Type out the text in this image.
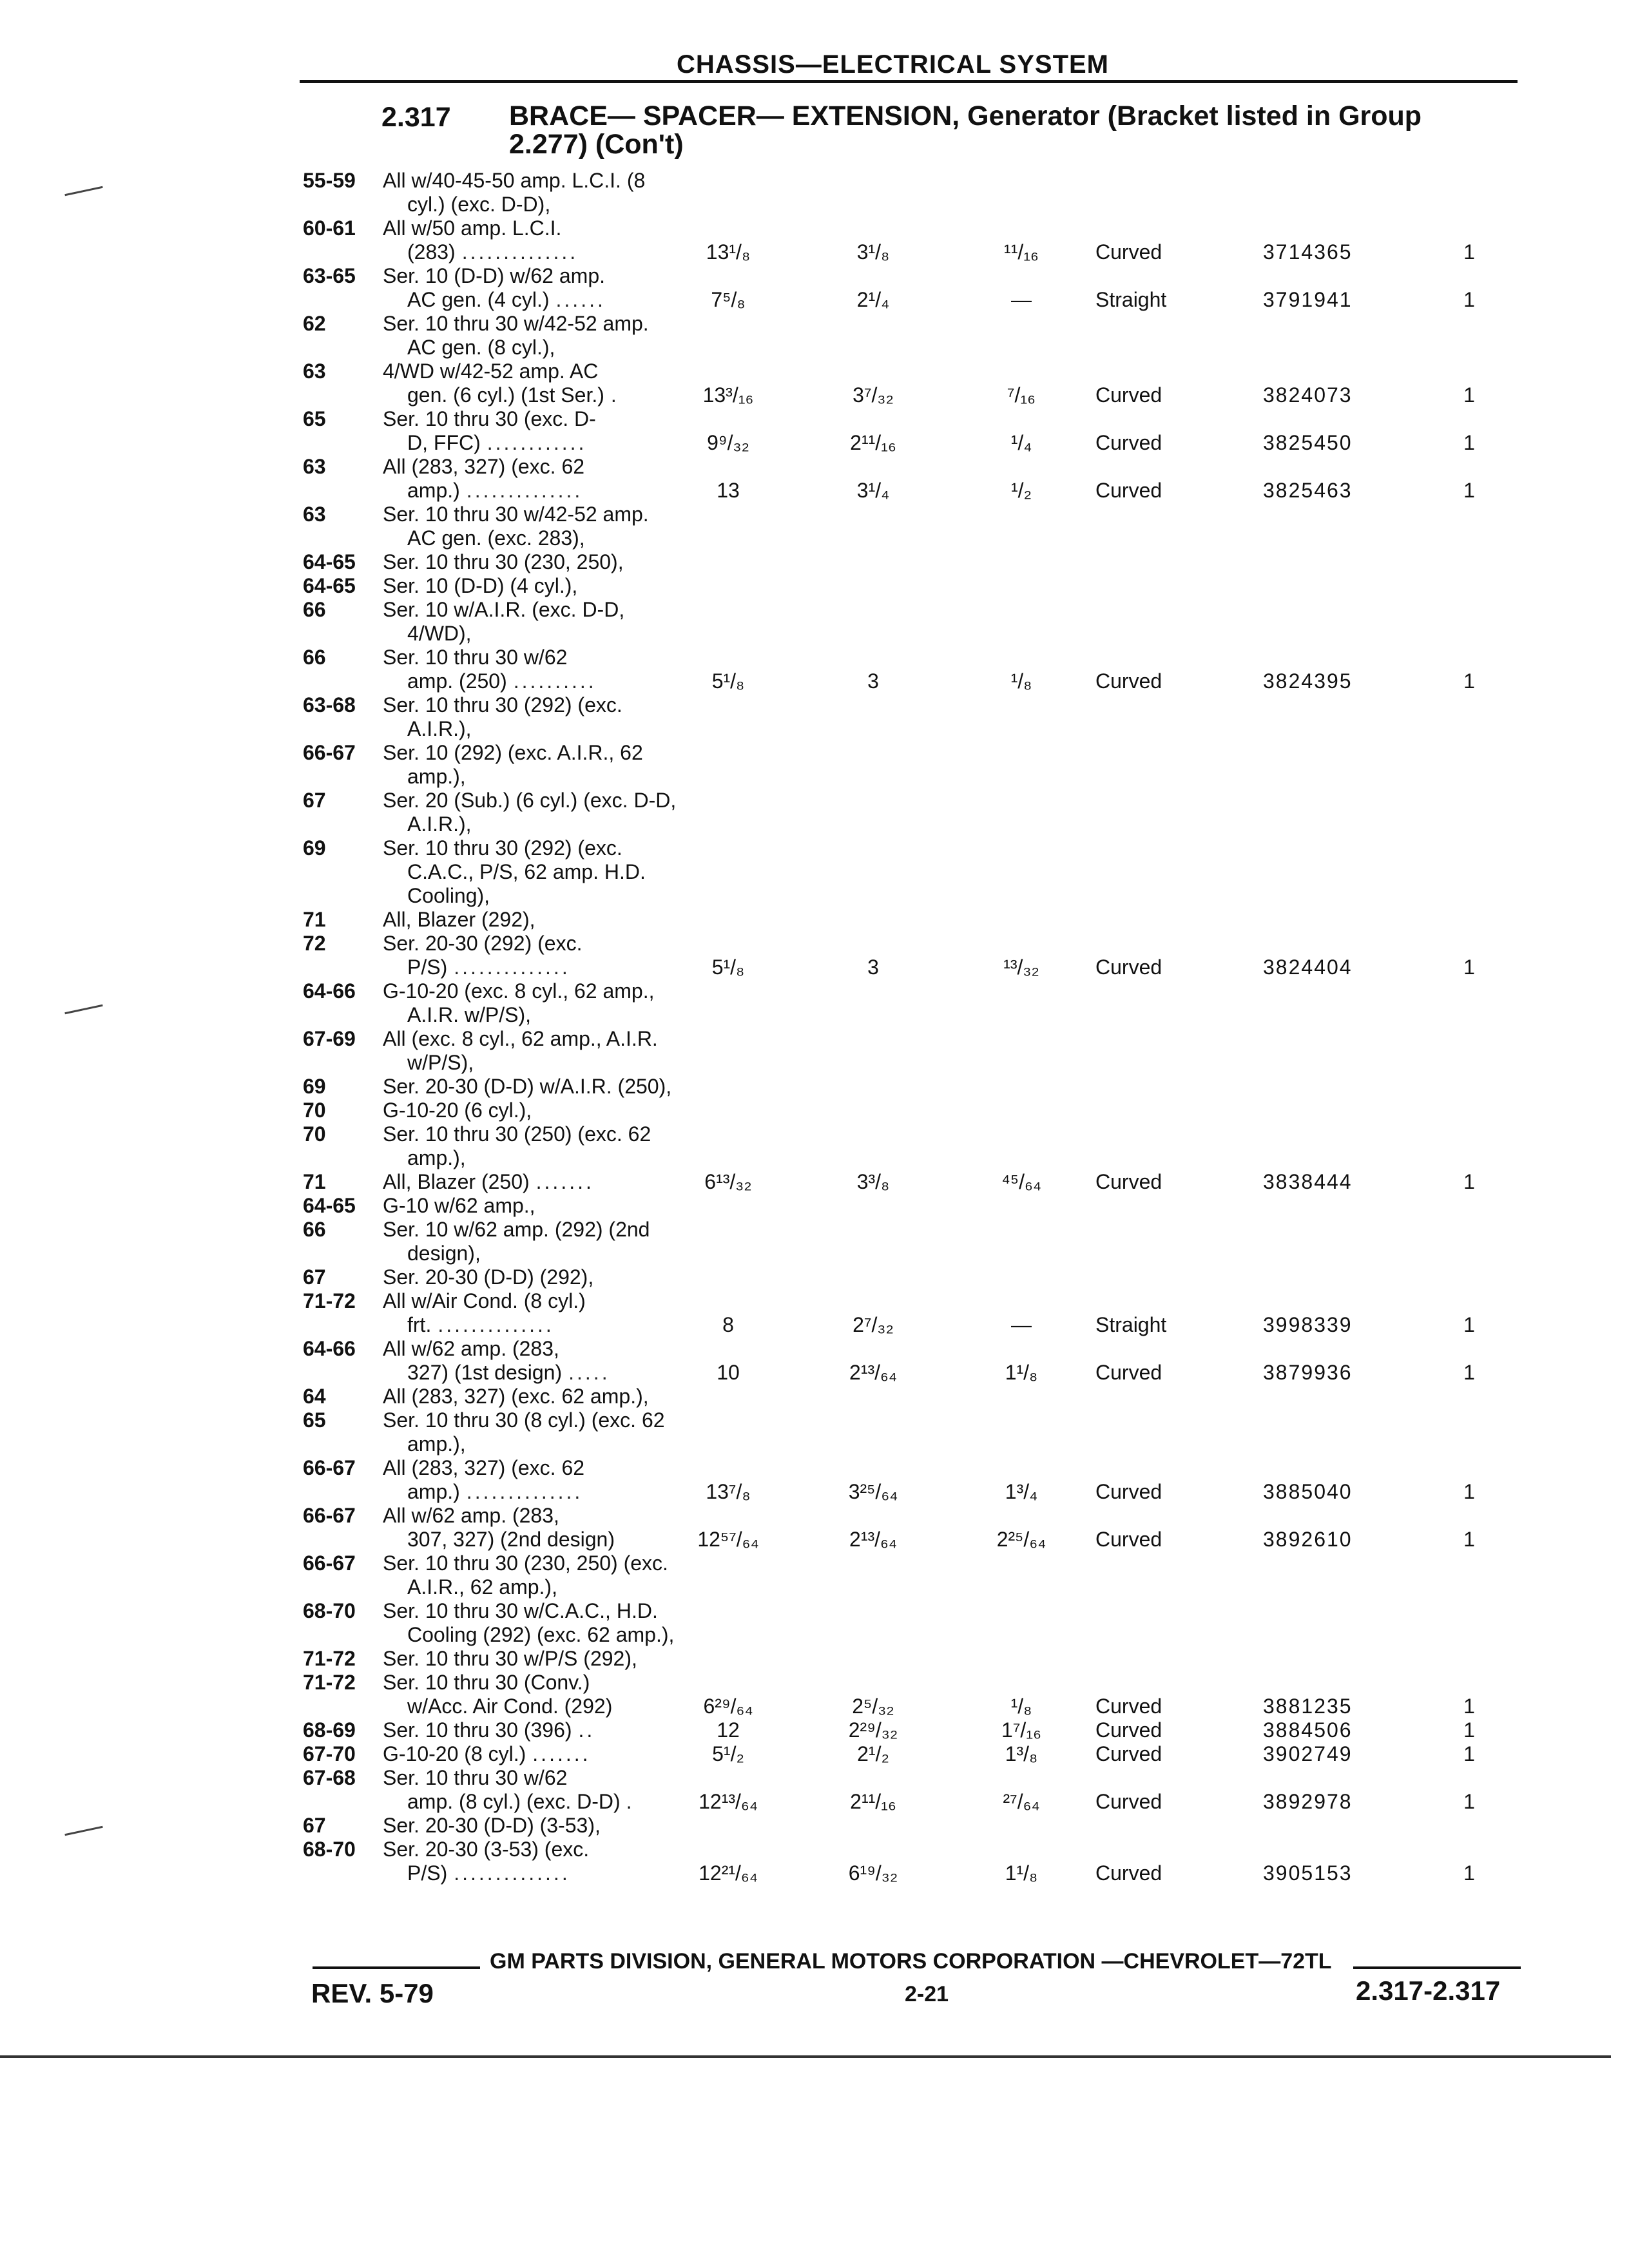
CHASSIS—ELECTRICAL SYSTEM
2.317 BRACE— SPACER— EXTENSION, Generator (Bracket listed in Group 2.277) (Con't)
55-59	All w/40-45-50 amp. L.C.I. (8
cyl.) (exc. D-D),
60-61	All w/50 amp. L.C.I.
(283) ..............	13¹/₈	3¹/₈	¹¹/₁₆	Curved	3714365	1
63-65	Ser. 10 (D-D) w/62 amp.
AC gen. (4 cyl.) ......	7⁵/₈	2¹/₄	—	Straight	3791941	1
62	Ser. 10 thru 30 w/42-52 amp.
AC gen. (8 cyl.),
63	4/WD w/42-52 amp. AC
gen. (6 cyl.) (1st Ser.) .	13³/₁₆	3⁷/₃₂	⁷/₁₆	Curved	3824073	1
65	Ser. 10 thru 30 (exc. D-
D, FFC) ............	9⁹/₃₂	2¹¹/₁₆	¹/₄	Curved	3825450	1
63	All (283, 327) (exc. 62
amp.) ..............	13	3¹/₄	¹/₂	Curved	3825463	1
63	Ser. 10 thru 30 w/42-52 amp.
AC gen. (exc. 283),
64-65	Ser. 10 thru 30 (230, 250),
64-65	Ser. 10 (D-D) (4 cyl.),
66	Ser. 10 w/A.I.R. (exc. D-D,
4/WD),
66	Ser. 10 thru 30 w/62
amp. (250) ..........	5¹/₈	3	¹/₈	Curved	3824395	1
63-68	Ser. 10 thru 30 (292) (exc.
A.I.R.),
66-67	Ser. 10 (292) (exc. A.I.R., 62
amp.),
67	Ser. 20 (Sub.) (6 cyl.) (exc. D-D,
A.I.R.),
69	Ser. 10 thru 30 (292) (exc.
C.A.C., P/S, 62 amp. H.D.
Cooling),
71	All, Blazer (292),
72	Ser. 20-30 (292) (exc.
P/S) ..............	5¹/₈	3	¹³/₃₂	Curved	3824404	1
64-66	G-10-20 (exc. 8 cyl., 62 amp.,
A.I.R. w/P/S),
67-69	All (exc. 8 cyl., 62 amp., A.I.R.
w/P/S),
69	Ser. 20-30 (D-D) w/A.I.R. (250),
70	G-10-20 (6 cyl.),
70	Ser. 10 thru 30 (250) (exc. 62
amp.),
71	All, Blazer (250) .......	6¹³/₃₂	3³/₈	⁴⁵/₆₄	Curved	3838444	1
64-65	G-10 w/62 amp.,
66	Ser. 10 w/62 amp. (292) (2nd
design),
67	Ser. 20-30 (D-D) (292),
71-72	All w/Air Cond. (8 cyl.)
frt. ..............	8	2⁷/₃₂	—	Straight	3998339	1
64-66	All w/62 amp. (283,
327) (1st design) .....	10	2¹³/₆₄	1¹/₈	Curved	3879936	1
64	All (283, 327) (exc. 62 amp.),
65	Ser. 10 thru 30 (8 cyl.) (exc. 62
amp.),
66-67	All (283, 327) (exc. 62
amp.) ..............	13⁷/₈	3²⁵/₆₄	1³/₄	Curved	3885040	1
66-67	All w/62 amp. (283,
307, 327) (2nd design)	12⁵⁷/₆₄	2¹³/₆₄	2²⁵/₆₄	Curved	3892610	1
66-67	Ser. 10 thru 30 (230, 250) (exc.
A.I.R., 62 amp.),
68-70	Ser. 10 thru 30 w/C.A.C., H.D.
Cooling (292) (exc. 62 amp.),
71-72	Ser. 10 thru 30 w/P/S (292),
71-72	Ser. 10 thru 30 (Conv.)
w/Acc. Air Cond. (292)	6²⁹/₆₄	2⁵/₃₂	¹/₈	Curved	3881235	1
68-69	Ser. 10 thru 30 (396) ..	12	2²⁹/₃₂	1⁷/₁₆	Curved	3884506	1
67-70	G-10-20 (8 cyl.) .......	5¹/₂	2¹/₂	1³/₈	Curved	3902749	1
67-68	Ser. 10 thru 30 w/62
amp. (8 cyl.) (exc. D-D) .	12¹³/₆₄	2¹¹/₁₆	²⁷/₆₄	Curved	3892978	1
67	Ser. 20-30 (D-D) (3-53),
68-70	Ser. 20-30 (3-53) (exc.
P/S) ..............	12²¹/₆₄	6¹⁹/₃₂	1¹/₈	Curved	3905153	1
GM PARTS DIVISION, GENERAL MOTORS CORPORATION —CHEVROLET—72TL
REV. 5-79	2-21	2.317-2.317
